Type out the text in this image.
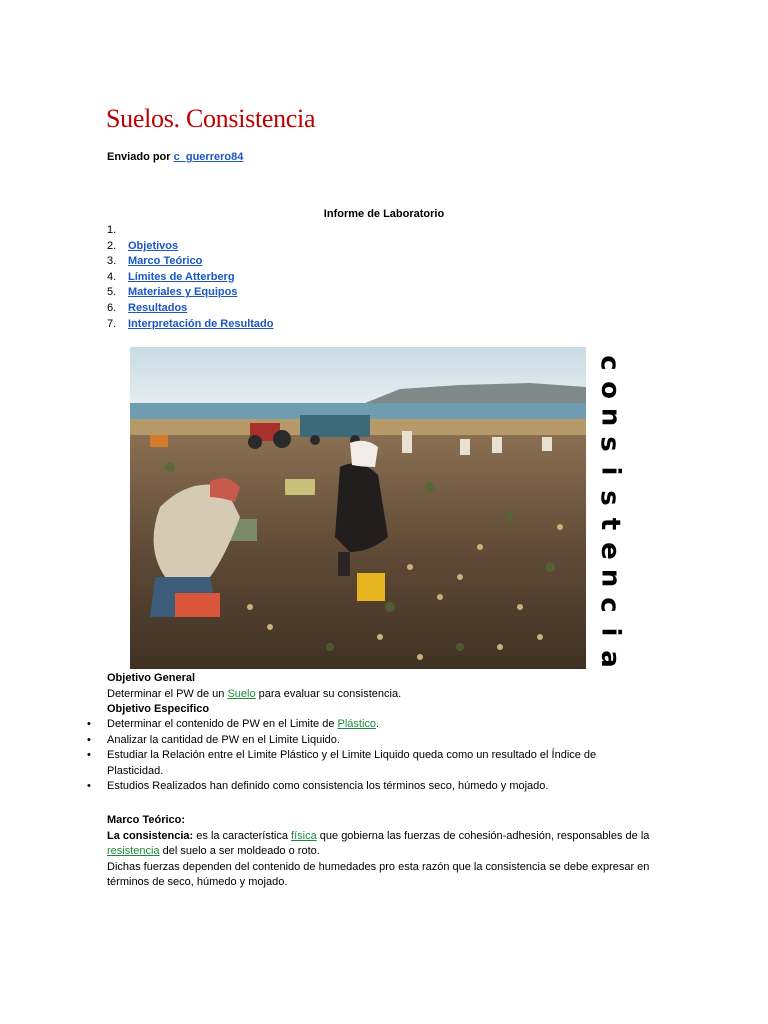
Suelos. Consistencia
Enviado por c_guerrero84
Informe de Laboratorio
1.
2. Objetivos
3. Marco Teórico
4. Límites de Atterberg
5. Materiales y Equipos
6. Resultados
7. Interpretación de Resultado
c
o
n
s
i
s
t
e
n
c
i
a
Objetivo General
Determinar el PW de un Suelo para evaluar su consistencia.
Objetivo Especifico
• Determinar el contenido de PW en el Limite de Plástico.
• Analizar la cantidad de PW en el Limite Liquido.
• Estudiar la Relación entre el Limite Plástico y el Limite Liquido queda como un resultado el Índice de Plasticidad.
• Estudios Realizados han definido como consistencia los términos seco, húmedo y mojado.
Marco Teórico:
La consistencia: es la característica física que gobierna las fuerzas de cohesión-adhesión, responsables de la resistencia del suelo a ser moldeado o roto.
Dichas fuerzas dependen del contenido de humedades pro esta razón que la consistencia se debe expresar en términos de seco, húmedo y mojado.
